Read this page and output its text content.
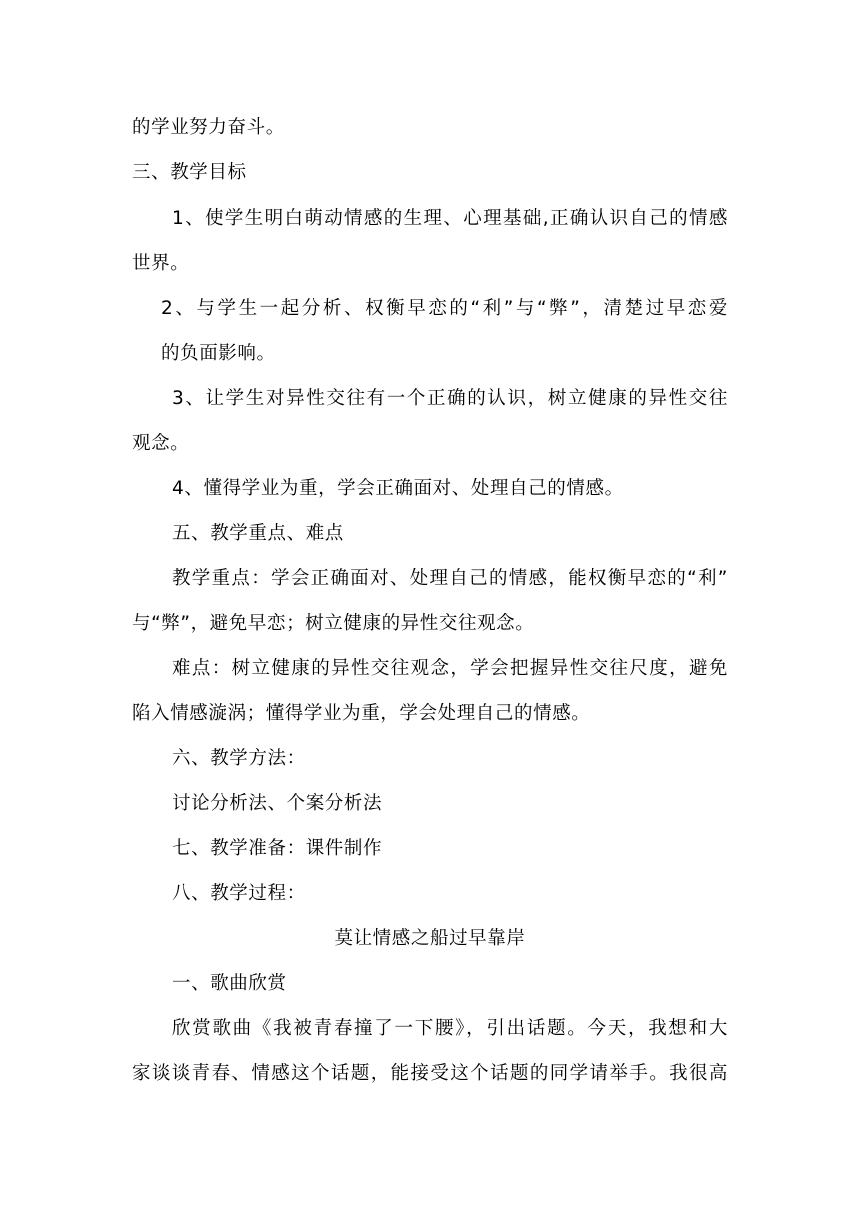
的学业努力奋斗。
三、教学目标
1、使学生明白萌动情感的生理、心理基础,正确认识自己的情感
世界。
2、与学生一起分析、权衡早恋的“利”与“弊”，清楚过早恋爱
的负面影响。
3、让学生对异性交往有一个正确的认识，树立健康的异性交往
观念。
4、懂得学业为重，学会正确面对、处理自己的情感。
五、教学重点、难点
教学重点：学会正确面对、处理自己的情感，能权衡早恋的“利”
与“弊”，避免早恋；树立健康的异性交往观念。
难点：树立健康的异性交往观念，学会把握异性交往尺度，避免
陷入情感漩涡；懂得学业为重，学会处理自己的情感。
六、教学方法：
讨论分析法、个案分析法
七、教学准备：课件制作
八、教学过程：
莫让情感之船过早靠岸
一、歌曲欣赏
欣赏歌曲《我被青春撞了一下腰》，引出话题。今天，我想和大
家谈谈青春、情感这个话题，能接受这个话题的同学请举手。我很高
